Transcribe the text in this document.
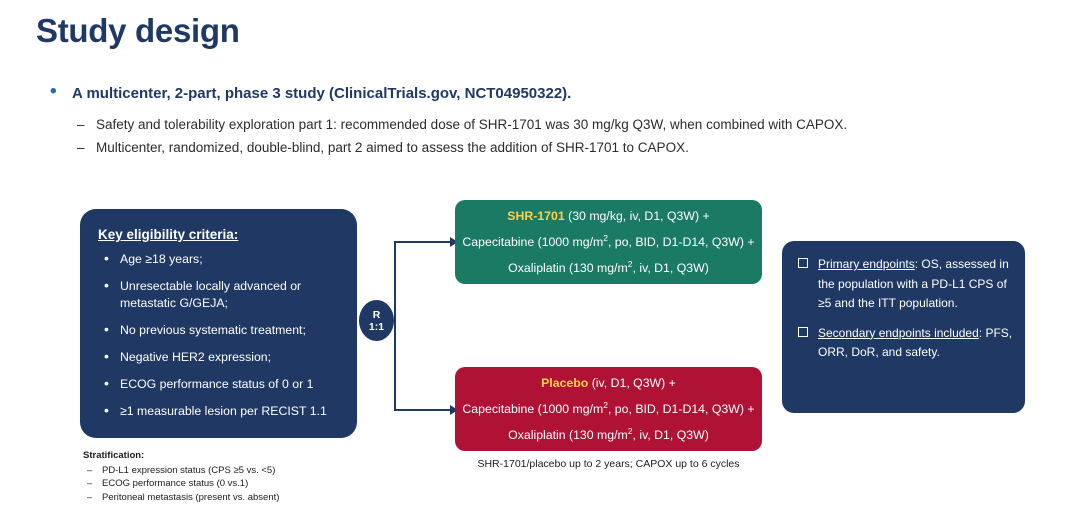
Study design
• A multicenter, 2-part, phase 3 study (ClinicalTrials.gov, NCT04950322).
– Safety and tolerability exploration part 1: recommended dose of SHR-1701 was 30 mg/kg Q3W, when combined with CAPOX.
– Multicenter, randomized, double-blind, part 2 aimed to assess the addition of SHR-1701 to CAPOX.
Key eligibility criteria:
• Age ≥18 years;
• Unresectable locally advanced or metastatic G/GEJA;
• No previous systematic treatment;
• Negative HER2 expression;
• ECOG performance status of 0 or 1
• ≥1 measurable lesion per RECIST 1.1
Stratification:
– PD-L1 expression status (CPS ≥5 vs. <5)
– ECOG performance status (0 vs.1)
– Peritoneal metastasis (present vs. absent)
R
1:1
SHR-1701 (30 mg/kg, iv, D1, Q3W) +
Capecitabine (1000 $mg/m^2$, po, BID, D1-D14, Q3W) +
Oxaliplatin (130 $mg/m^2$, iv, D1, Q3W)
Placebo (iv, D1, Q3W) +
Capecitabine (1000 $mg/m^2$, po, BID, D1-D14, Q3W) +
Oxaliplatin (130 $mg/m^2$, iv, D1, Q3W)
SHR-1701/placebo up to 2 years; CAPOX up to 6 cycles
Primary endpoints: OS, assessed in the population with a PD-L1 CPS of ≥5 and the ITT population.
Secondary endpoints included: PFS, ORR, DoR, and safety.
